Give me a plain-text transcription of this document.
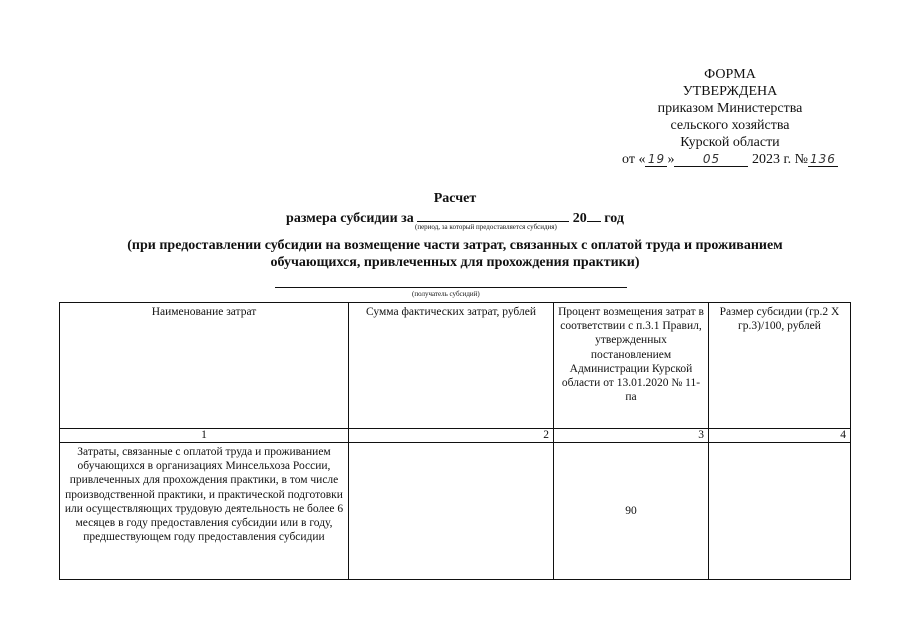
ФОРМА
УТВЕРЖДЕНА
приказом Министерства
сельского хозяйства
Курской области
от « 19 » 05 2023 г. № 136
Расчет
размера субсидии за	20 год
(при предоставлении субсидии на возмещение части затрат, связанных с оплатой труда и проживанием
обучающихся, привлеченных для прохождения практики)
(период, за который предоставляется субсидия)
(получатель субсидий)
Наименование затрат	Сумма фактических затрат, рублей	Процент возмещения затрат в соответствии с п.3.1 Правил, утвержденных постановлением Администрации Курской области от 13.01.2020 № 11-па	Размер субсидии (гр.2 Х гр.3)/100, рублей
1	2	3	4
Затраты, связанные с оплатой труда и проживанием обучающихся в организациях Минсельхоза России, привлеченных для прохождения практики, в том числе производственной практики, и практической подготовки или осуществляющих трудовую деятельность не более 6 месяцев в году предоставления субсидии или в году, предшествующем году предоставления субсидии		90	
